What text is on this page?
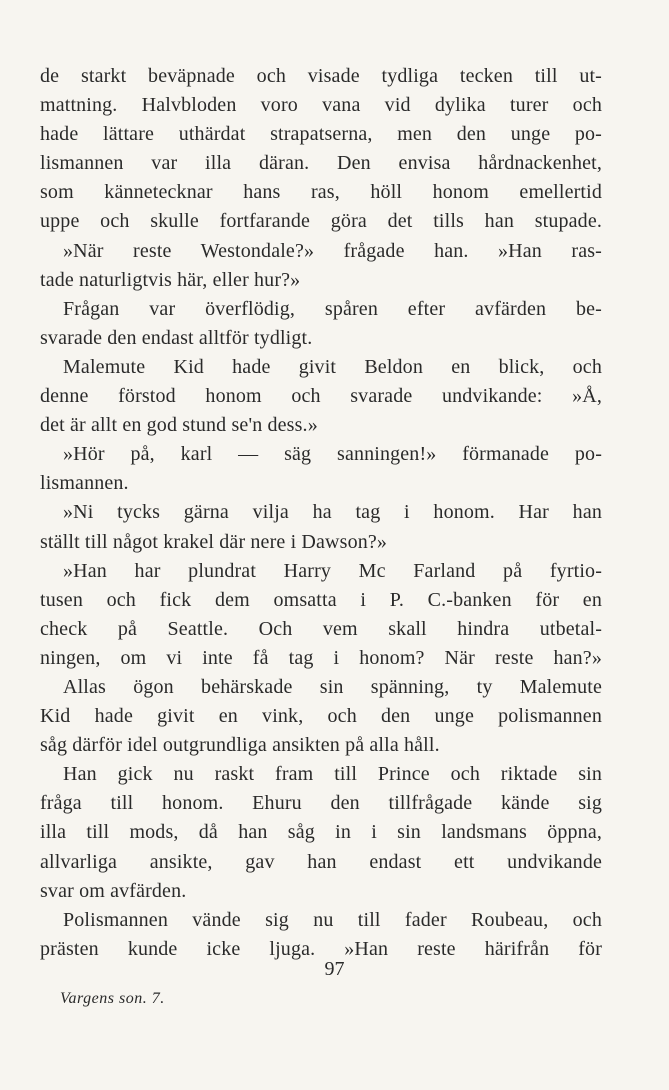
de starkt beväpnade och visade tydliga tecken till ut-
mattning. Halvbloden voro vana vid dylika turer och
hade lättare uthärdat strapatserna, men den unge po-
lismannen var illa däran. Den envisa hårdnackenhet,
som kännetecknar hans ras, höll honom emellertid
uppe och skulle fortfarande göra det tills han stupade.
»När reste Westondale?» frågade han. »Han ras-
tade naturligtvis här, eller hur?»
Frågan var överflödig, spåren efter avfärden be-
svarade den endast alltför tydligt.
Malemute Kid hade givit Beldon en blick, och
denne förstod honom och svarade undvikande: »Å,
det är allt en god stund se'n dess.»
»Hör på, karl — säg sanningen!» förmanade po-
lismannen.
»Ni tycks gärna vilja ha tag i honom. Har han
ställt till något krakel där nere i Dawson?»
»Han har plundrat Harry Mc Farland på fyrtio-
tusen och fick dem omsatta i P. C.-banken för en
check på Seattle. Och vem skall hindra utbetal-
ningen, om vi inte få tag i honom? När reste han?»
Allas ögon behärskade sin spänning, ty Malemute
Kid hade givit en vink, och den unge polismannen
såg därför idel outgrundliga ansikten på alla håll.
Han gick nu raskt fram till Prince och riktade sin
fråga till honom. Ehuru den tillfrågade kände sig
illa till mods, då han såg in i sin landsmans öppna,
allvarliga ansikte, gav han endast ett undvikande
svar om avfärden.
Polismannen vände sig nu till fader Roubeau, och
prästen kunde icke ljuga. »Han reste härifrån för
97
Vargens son. 7.
